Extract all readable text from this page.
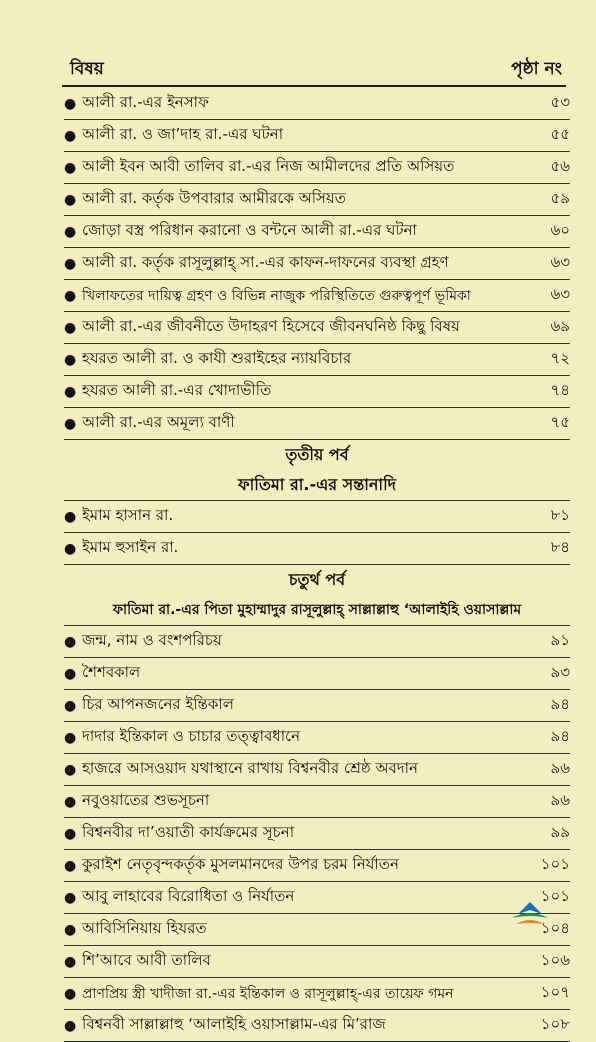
বিষয়	পৃষ্ঠা নং
● আলী রা.-এর ইনসাফ	৫৩
● আলী রা. ও জা’দাহ রা.-এর ঘটনা	৫৫
● আলী ইবন আবী তালিব রা.-এর নিজ আমীলদের প্রতি অসিয়ত	৫৬
● আলী রা. কর্তৃক উপবারার আমীরকে অসিয়ত	৫৯
● জোড়া বস্ত্র পরিধান করানো ও বন্টনে আলী রা.-এর ঘটনা	৬০
● আলী রা. কর্তৃক রাসূলুল্লাহ্ সা.-এর কাফন-দাফনের ব্যবস্থা গ্রহণ	৬৩
● খিলাফতের দায়িত্ব গ্রহণ ও বিভিন্ন নাজুক পরিস্থিতিতে গুরুত্বপূর্ণ ভূমিকা	৬৩
● আলী রা.-এর জীবনীতে উদাহরণ হিসেবে জীবনঘনিষ্ঠ কিছু বিষয়	৬৯
● হযরত আলী রা. ও কাযী শুরাইহের ন্যায়বিচার	৭২
● হযরত আলী রা.-এর খোদাভীতি	৭৪
● আলী রা.-এর অমূল্য বাণী	৭৫
তৃতীয় পর্ব
ফাতিমা রা.-এর সন্তানাদি
● ইমাম হাসান রা.	৮১
● ইমাম হুসাইন রা.	৮৪
চতুর্থ পর্ব
ফাতিমা রা.-এর পিতা মুহাম্মাদুর রাসূলুল্লাহ্ সাল্লাল্লাহু ‘আলাইহি ওয়াসাল্লাম
● জন্ম, নাম ও বংশপরিচয়	৯১
● শৈশবকাল	৯৩
● চির আপনজনের ইন্তিকাল	৯৪
● দাদার ইন্তিকাল ও চাচার তত্ত্বাবধানে	৯৪
● হাজরে আসওয়াদ যথাস্থানে রাখায় বিশ্বনবীর শ্রেষ্ঠ অবদান	৯৬
● নবুওয়াতের শুভসূচনা	৯৬
● বিশ্বনবীর দা’ওয়াতী কার্যক্রমের সূচনা	৯৯
● কুরাইশ নেতৃবৃন্দকর্তৃক মুসলমানদের উপর চরম নির্যাতন	১০১
● আবু লাহাবের বিরোধিতা ও নির্যাতন	১০১
● আবিসিনিয়ায় হিযরত	১০৪
● শি’আবে আবী তালিব	১০৬
● প্রাণপ্রিয় স্ত্রী খাদীজা রা.-এর ইন্তিকাল ও রাসূলুল্লাহ্-এর তায়েফ গমন	১০৭
● বিশ্বনবী সাল্লাল্লাহু ‘আলাইহি ওয়াসাল্লাম-এর মি’রাজ	১০৮
